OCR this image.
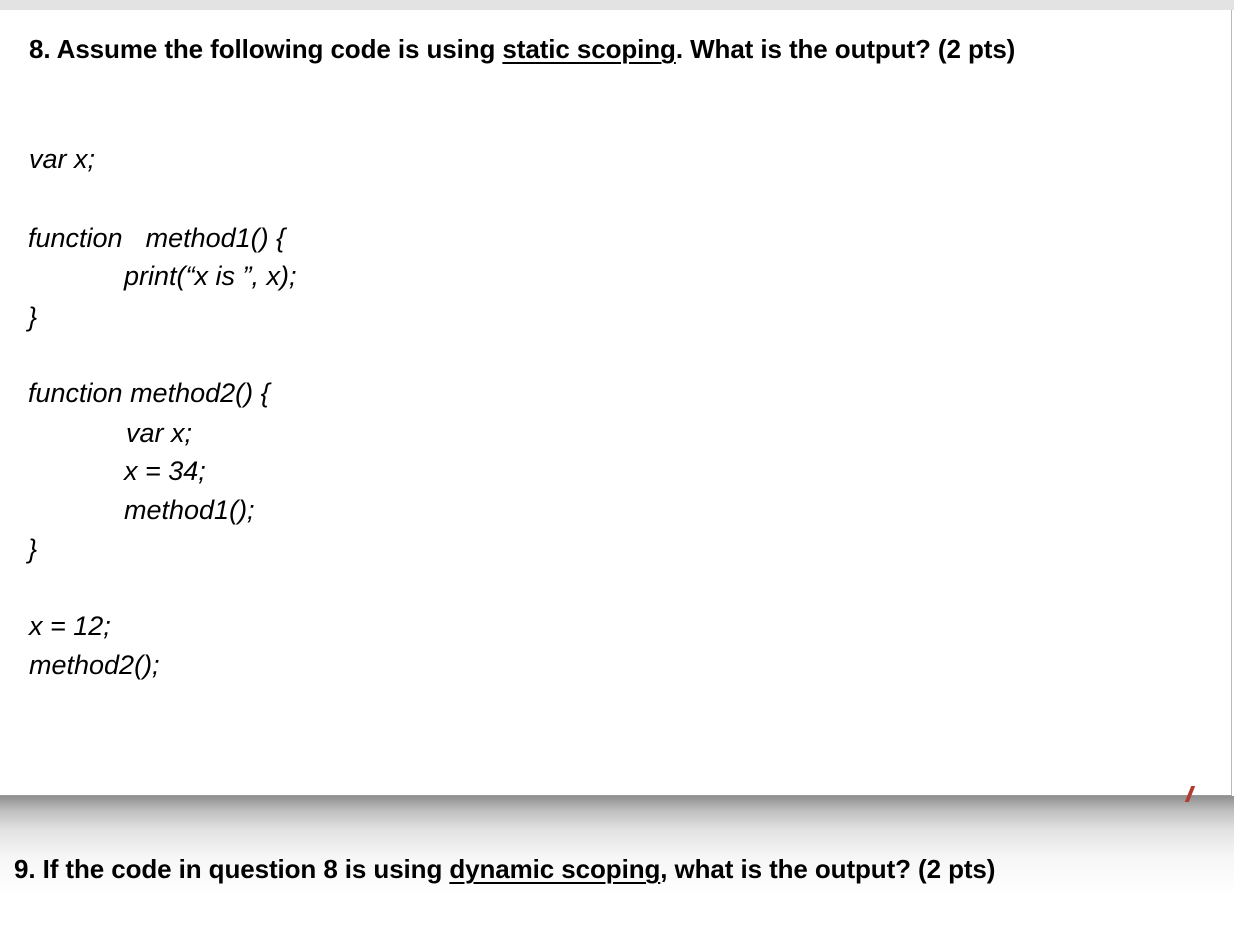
8. Assume the following code is using static scoping. What is the output? (2 pts)
var x;
function method1() {
print(“x is ”, x);
}
function method2() {
var x;
x = 34;
method1();
}
x = 12;
method2();
9. If the code in question 8 is using dynamic scoping, what is the output? (2 pts)
